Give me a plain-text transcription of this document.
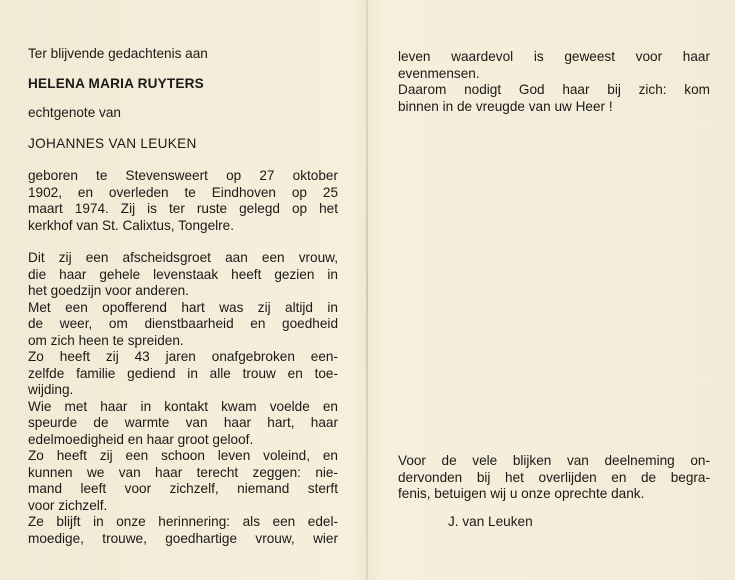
Ter blijvende gedachtenis aan
HELENA MARIA RUYTERS
echtgenote van
JOHANNES VAN LEUKEN
geboren te Stevensweert op 27 oktober
1902, en overleden te Eindhoven op 25
maart 1974. Zij is ter ruste gelegd op het
kerkhof van St. Calixtus, Tongelre.
Dit zij een afscheidsgroet aan een vrouw,
die haar gehele levenstaak heeft gezien in
het goedzijn voor anderen.
Met een opofferend hart was zij altijd in
de weer, om dienstbaarheid en goedheid
om zich heen te spreiden.
Zo heeft zij 43 jaren onafgebroken een-
zelfde familie gediend in alle trouw en toe-
wijding.
Wie met haar in kontakt kwam voelde en
speurde de warmte van haar hart, haar
edelmoedigheid en haar groot geloof.
Zo heeft zij een schoon leven voleind, en
kunnen we van haar terecht zeggen: nie-
mand leeft voor zichzelf, niemand sterft
voor zichzelf.
Ze blijft in onze herinnering: als een edel-
moedige, trouwe, goedhartige vrouw, wier
leven waardevol is geweest voor haar
evenmensen.
Daarom nodigt God haar bij zich: kom
binnen in de vreugde van uw Heer !
Voor de vele blijken van deelneming on-
dervonden bij het overlijden en de begra-
fenis, betuigen wij u onze oprechte dank.
J. van Leuken
